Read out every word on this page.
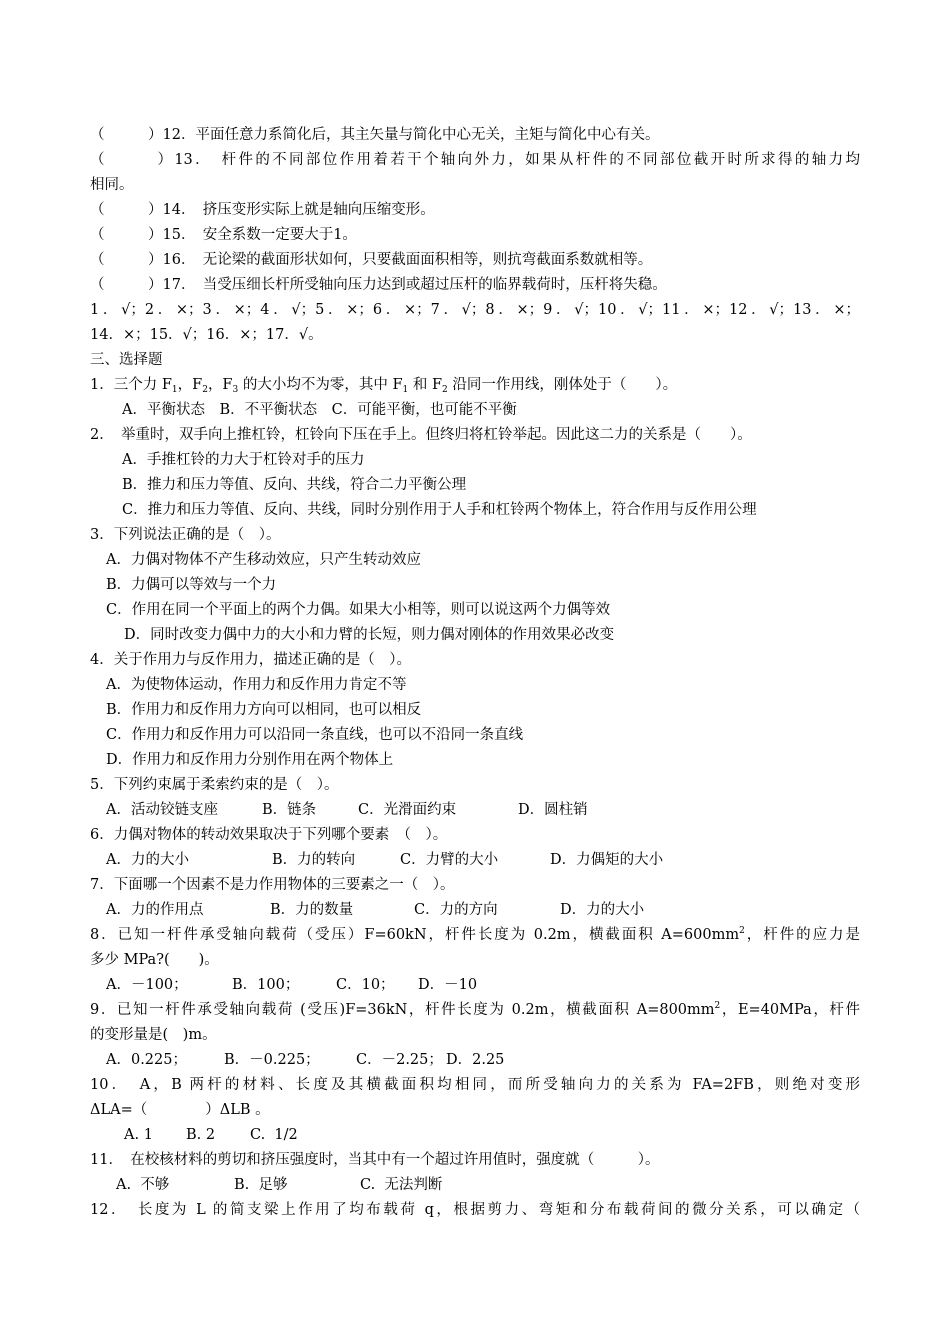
（　　　）12．平面任意力系简化后，其主矢量与简化中心无关，主矩与简化中心有关。
（　　　）13．　杆件的不同部位作用着若干个轴向外力，如果从杆件的不同部位截开时所求得的轴力均
相同。
（　　　）14．　挤压变形实际上就是轴向压缩变形。
（　　　）15．　安全系数一定要大于1。
（　　　）16．　无论梁的截面形状如何，只要截面面积相等，则抗弯截面系数就相等。
（　　　）17．　当受压细长杆所受轴向压力达到或超过压杆的临界载荷时，压杆将失稳。
1．√；2．×；3．×；4．√；5．×；6．×；7．√；8．×；9．√；10．√；11．×；12．√；13．×；
14．×；15．√；16．×；17．√。
三、选择题
1．三个力 $F_1$，$F_2$，$F_3$ 的大小均不为零，其中 $F_1$ 和 $F_2$ 沿同一作用线，刚体处于（　　）。
A．平衡状态　B．不平衡状态　C．可能平衡，也可能不平衡
2．　举重时，双手向上推杠铃，杠铃向下压在手上。但终归将杠铃举起。因此这二力的关系是（　　）。
A．手推杠铃的力大于杠铃对手的压力
B．推力和压力等值、反向、共线，符合二力平衡公理
C．推力和压力等值、反向、共线，同时分别作用于人手和杠铃两个物体上，符合作用与反作用公理
3．下列说法正确的是（　）。
A．力偶对物体不产生移动效应，只产生转动效应
B．力偶可以等效与一个力
C．作用在同一个平面上的两个力偶。如果大小相等，则可以说这两个力偶等效
D．同时改变力偶中力的大小和力臂的长短，则力偶对刚体的作用效果必改变
4．关于作用力与反作用力，描述正确的是（　）。
A．为使物体运动，作用力和反作用力肯定不等
B．作用力和反作用力方向可以相同，也可以相反
C．作用力和反作用力可以沿同一条直线，也可以不沿同一条直线
D．作用力和反作用力分别作用在两个物体上
5．下列约束属于柔索约束的是（　）。
A．活动铰链支座	B．链条	C．光滑面约束	D．圆柱销
6．力偶对物体的转动效果取决于下列哪个要素　（　）。
A．力的大小	B．力的转向	C．力臂的大小	D．力偶矩的大小
7．下面哪一个因素不是力作用物体的三要素之一（　）。
A．力的作用点	B．力的数量	C．力的方向	D．力的大小
8．已知一杆件承受轴向载荷（受压）F=60kN，杆件长度为 0.2m，横截面积 $A=600mm^2$，杆件的应力是
多少 MPa?(　　)。
A．－100；	B．100；	C．10；	D．－10
9．已知一杆件承受轴向载荷 (受压)F=36kN，杆件长度为 0.2m，横截面积 $A=800mm^2$，E=40MPa，杆件
的变形量是(　)m。
A．0.225；	B．－0.225；	C．－2.25； D．2.25
10．　A，B 两杆的材料、长度及其横截面积均相同，而所受轴向力的关系为 FA=2FB，则绝对变形
ΔLA=（　　　　）ΔLB 。
A. 1	B. 2	C.  1/2
11．　在校核材料的剪切和挤压强度时，当其中有一个超过许用值时，强度就（　　　）。
A.  不够	B.  足够	C.  无法判断
12．　长度为 L 的简支梁上作用了均布载荷 q，根据剪力、弯矩和分布载荷间的微分关系，可以确定（
